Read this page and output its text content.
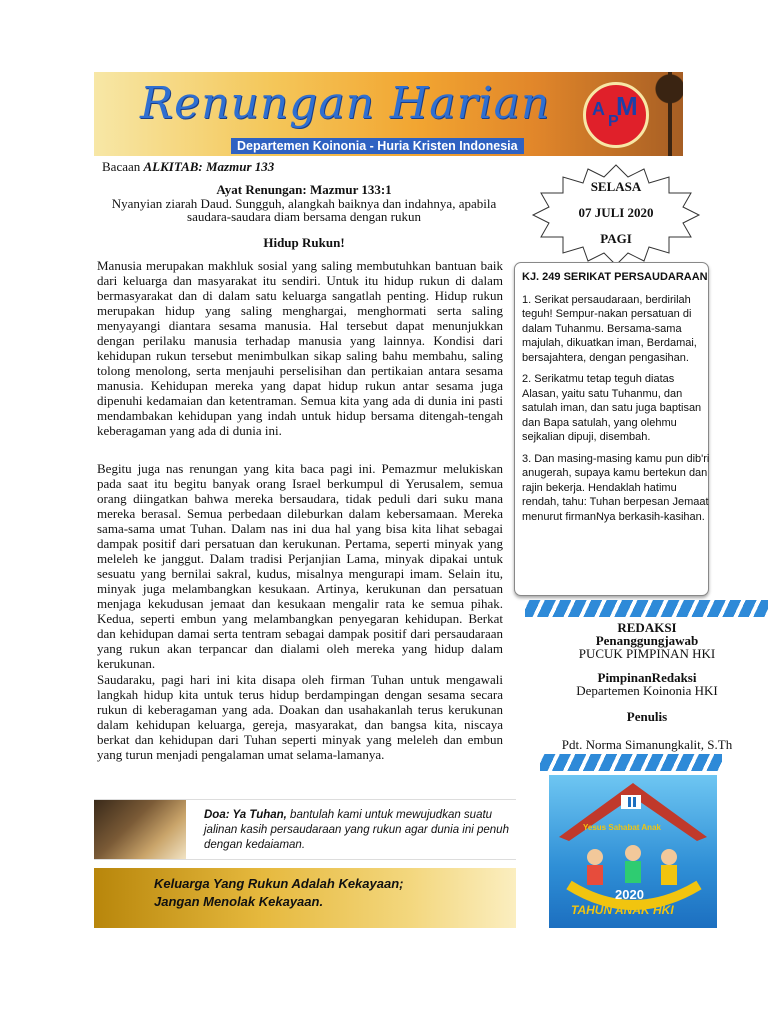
Renungan Harian
Departemen Koinonia - Huria Kristen Indonesia
A
P
M
Bacaan ALKITAB: Mazmur 133
Ayat Renungan: Mazmur 133:1
Nyanyian ziarah Daud. Sungguh, alangkah baiknya dan indahnya, apabila
saudara-saudara diam bersama dengan rukun
Hidup Rukun!
Manusia merupakan makhluk sosial yang saling membutuhkan bantuan baik dari keluarga dan masyarakat itu sendiri. Untuk itu hidup rukun di dalam bermasyarakat dan di dalam satu keluarga sangatlah penting. Hidup rukun merupakan hidup yang saling menghargai, menghormati serta saling menyayangi diantara sesama manusia. Hal tersebut dapat menunjukkan dengan perilaku manusia terhadap manusia yang lainnya. Kondisi dari kehidupan rukun tersebut menimbulkan sikap saling bahu membahu, saling tolong menolong, serta menjauhi perselisihan dan pertikaian antara sesama manusia. Kehidupan mereka yang dapat hidup rukun antar sesama juga dipenuhi kedamaian dan ketentraman. Semua kita yang ada di dunia ini pasti mendambakan kehidupan yang indah untuk hidup bersama ditengah-tengah keberagaman yang ada di dunia ini.
Begitu juga nas renungan yang kita baca pagi ini. Pemazmur melukiskan pada saat itu begitu banyak orang Israel berkumpul di Yerusalem, semua orang diingatkan bahwa mereka bersaudara, tidak peduli dari suku mana mereka berasal. Semua perbedaan dileburkan dalam kebersamaan. Mereka sama-sama umat Tuhan. Dalam nas ini dua hal yang bisa kita lihat sebagai dampak positif dari persatuan dan kerukunan. Pertama, seperti minyak yang meleleh ke janggut. Dalam tradisi Perjanjian Lama, minyak dipakai untuk sesuatu yang bernilai sakral, kudus, misalnya mengurapi imam. Selain itu, minyak juga melambangkan kesukaan. Artinya, kerukunan dan persatuan menjaga kekudusan jemaat dan kesukaan mengalir rata ke semua pihak. Kedua, seperti embun yang melambangkan penyegaran kehidupan. Berkat dan kehidupan damai serta tentram sebagai dampak positif dari persaudaraan yang rukun akan terpancar dan dialami oleh mereka yang hidup dalam kerukunan.
Saudaraku, pagi hari ini kita disapa oleh firman Tuhan untuk mengawali langkah hidup kita untuk terus hidup berdampingan dengan sesama secara rukun di keberagaman yang ada. Doakan dan usahakanlah terus kerukunan dalam kehidupan keluarga, gereja, masyarakat, dan bangsa kita, niscaya berkat dan kehidupan dari Tuhan seperti minyak yang meleleh dan embun yang turun menjadi pengalaman umat selama-lamanya.
SELASA
07 JULI 2020
PAGI
KJ. 249 SERIKAT PERSAUDARAAN
1. Serikat persaudaraan, berdirilah teguh! Sempur-nakan persatuan di dalam Tuhanmu. Bersama-sama majulah, dikuatkan iman, Berdamai, bersajahtera, dengan pengasihan.
2. Serikatmu tetap teguh diatas Alasan, yaitu satu Tuhanmu, dan satulah iman, dan satu juga baptisan dan Bapa satulah, yang olehmu sejkalian dipuji, disembah.
3. Dan masing-masing kamu pun dib'ri anugerah, supaya kamu bertekun dan rajin bekerja. Hendaklah hatimu rendah, tahu: Tuhan berpesan Jemaat menurut firmanNya berkasih-kasihan.
REDAKSI
Penanggungjawab
PUCUK PIMPINAN HKI
PimpinanRedaksi
Departemen Koinonia HKI
Penulis
Pdt. Norma Simanungkalit, S.Th
Yesus Sahabat Anak
2020
TAHUN ANAK HKI
Doa: Ya Tuhan, bantulah kami untuk mewujudkan suatu jalinan kasih persaudaraan yang rukun agar dunia ini penuh dengan kedaiaman.
Keluarga Yang Rukun Adalah Kekayaan;
Jangan Menolak Kekayaan.
